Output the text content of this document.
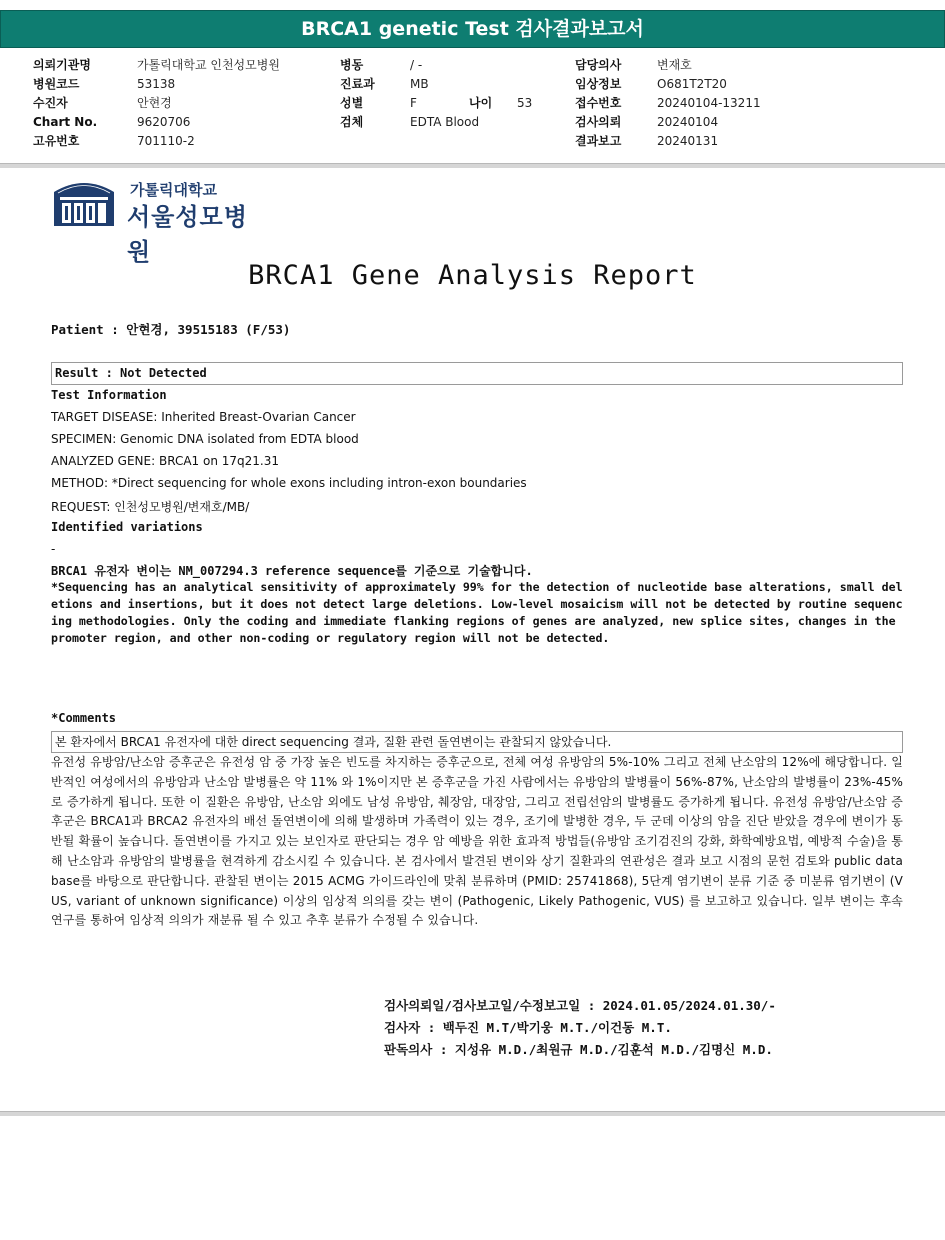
BRCA1 genetic Test 검사결과보고서
의뢰기관명	가톨릭대학교 인천성모병원
병원코드	53138
수진자	안현경
Chart No.	9620706
고유번호	701110-2
병동	/ -
진료과	MB
성별	F	나이 53
검체	EDTA Blood
담당의사	변재호
임상정보	O681T2T20
접수번호	20240104-13211
검사의뢰	20240104
결과보고	20240131
가톨릭대학교
서울성모병원
BRCA1 Gene Analysis Report
Patient : 안현경, 39515183 (F/53)
Result : Not Detected
Test Information
TARGET DISEASE: Inherited Breast-Ovarian Cancer
SPECIMEN: Genomic DNA isolated from EDTA blood
ANALYZED GENE: BRCA1 on 17q21.31
METHOD: *Direct sequencing for whole exons including intron-exon boundaries
REQUEST: 인천성모병원/변재호/MB/
Identified variations
-
BRCA1 유전자 변이는 NM_007294.3 reference sequence를 기준으로 기술합니다.
*Sequencing has an analytical sensitivity of approximately 99% for the detection of nucleotide base alterations, small deletions and insertions, but it does not detect large deletions. Low-level mosaicism will not be detected by routine sequencing methodologies. Only the coding and immediate flanking regions of genes are analyzed, new splice sites, changes in the promoter region, and other non-coding or regulatory region will not be detected.
*Comments
본 환자에서 BRCA1 유전자에 대한 direct sequencing 결과, 질환 관련 돌연변이는 관찰되지 않았습니다.
유전성 유방암/난소암 증후군은 유전성 암 중 가장 높은 빈도를 차지하는 증후군으로, 전체 여성 유방암의 5%-10% 그리고 전체 난소암의 12%에 해당합니다. 일반적인 여성에서의 유방암과 난소암 발병률은 약 11% 와 1%이지만 본 증후군을 가진 사람에서는 유방암의 발병률이 56%-87%, 난소암의 발병률이 23%-45%로 증가하게 됩니다. 또한 이 질환은 유방암, 난소암 외에도 남성 유방암, 췌장암, 대장암, 그리고 전립선암의 발병률도 증가하게 됩니다. 유전성 유방암/난소암 증후군은 BRCA1과 BRCA2 유전자의 배선 돌연변이에 의해 발생하며 가족력이 있는 경우, 조기에 발병한 경우, 두 군데 이상의 암을 진단 받았을 경우에 변이가 동반될 확률이 높습니다. 돌연변이를 가지고 있는 보인자로 판단되는 경우 암 예방을 위한 효과적 방법들(유방암 조기검진의 강화, 화학예방요법, 예방적 수술)을 통해 난소암과 유방암의 발병률을 현격하게 감소시킬 수 있습니다. 본 검사에서 발견된 변이와 상기 질환과의 연관성은 결과 보고 시점의 문헌 검토와 public database를 바탕으로 판단합니다. 관찰된 변이는 2015 ACMG 가이드라인에 맞춰 분류하며 (PMID: 25741868), 5단계 염기변이 분류 기준 중 미분류 염기변이 (VUS, variant of unknown significance) 이상의 임상적 의의를 갖는 변이 (Pathogenic, Likely Pathogenic, VUS) 를 보고하고 있습니다. 일부 변이는 후속 연구를 통하여 임상적 의의가 재분류 될 수 있고 추후 분류가 수정될 수 있습니다.
검사의뢰일/검사보고일/수정보고일 : 2024.01.05/2024.01.30/-
검사자 : 백두진 M.T/박기웅 M.T./이건동 M.T.
판독의사 : 지성유 M.D./최원규 M.D./김훈석 M.D./김명신 M.D.
